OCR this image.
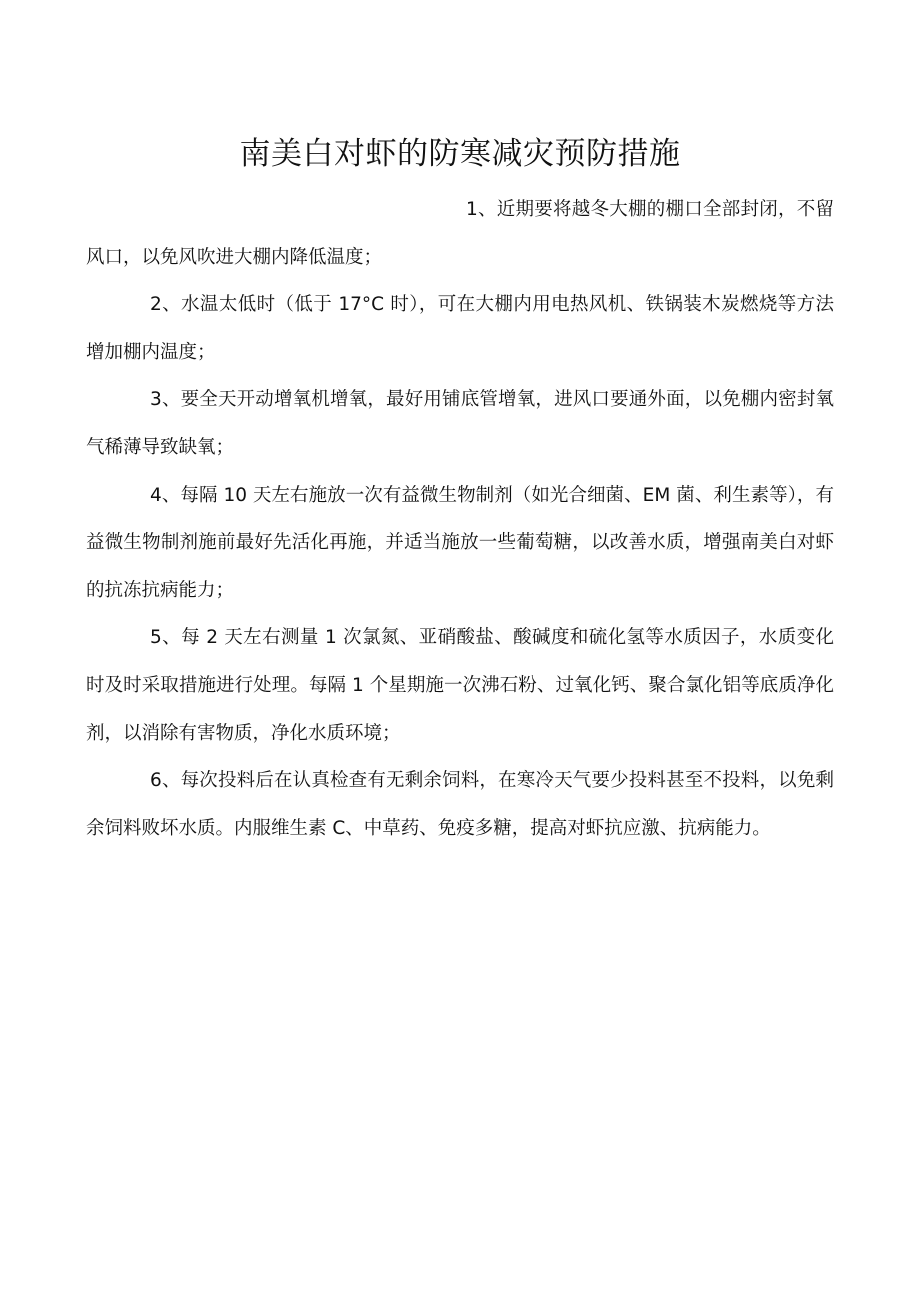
南美白对虾的防寒减灾预防措施

1、近期要将越冬大棚的棚口全部封闭，不留风口，以免风吹进大棚内降低温度；

2、水温太低时（低于 17°C 时），可在大棚内用电热风机、铁锅装木炭燃烧等方法增加棚内温度；

3、要全天开动增氧机增氧，最好用铺底管增氧，进风口要通外面，以免棚内密封氧气稀薄导致缺氧；

4、每隔 10 天左右施放一次有益微生物制剂（如光合细菌、EM 菌、利生素等），有益微生物制剂施前最好先活化再施，并适当施放一些葡萄糖，以改善水质，增强南美白对虾的抗冻抗病能力；

5、每 2 天左右测量 1 次氯氮、亚硝酸盐、酸碱度和硫化氢等水质因子，水质变化时及时采取措施进行处理。每隔 1 个星期施一次沸石粉、过氧化钙、聚合氯化铝等底质净化剂，以消除有害物质，净化水质环境；

6、每次投料后在认真检查有无剩余饲料，在寒冷天气要少投料甚至不投料，以免剩余饲料败坏水质。内服维生素 C、中草药、免疫多糖，提高对虾抗应激、抗病能力。
